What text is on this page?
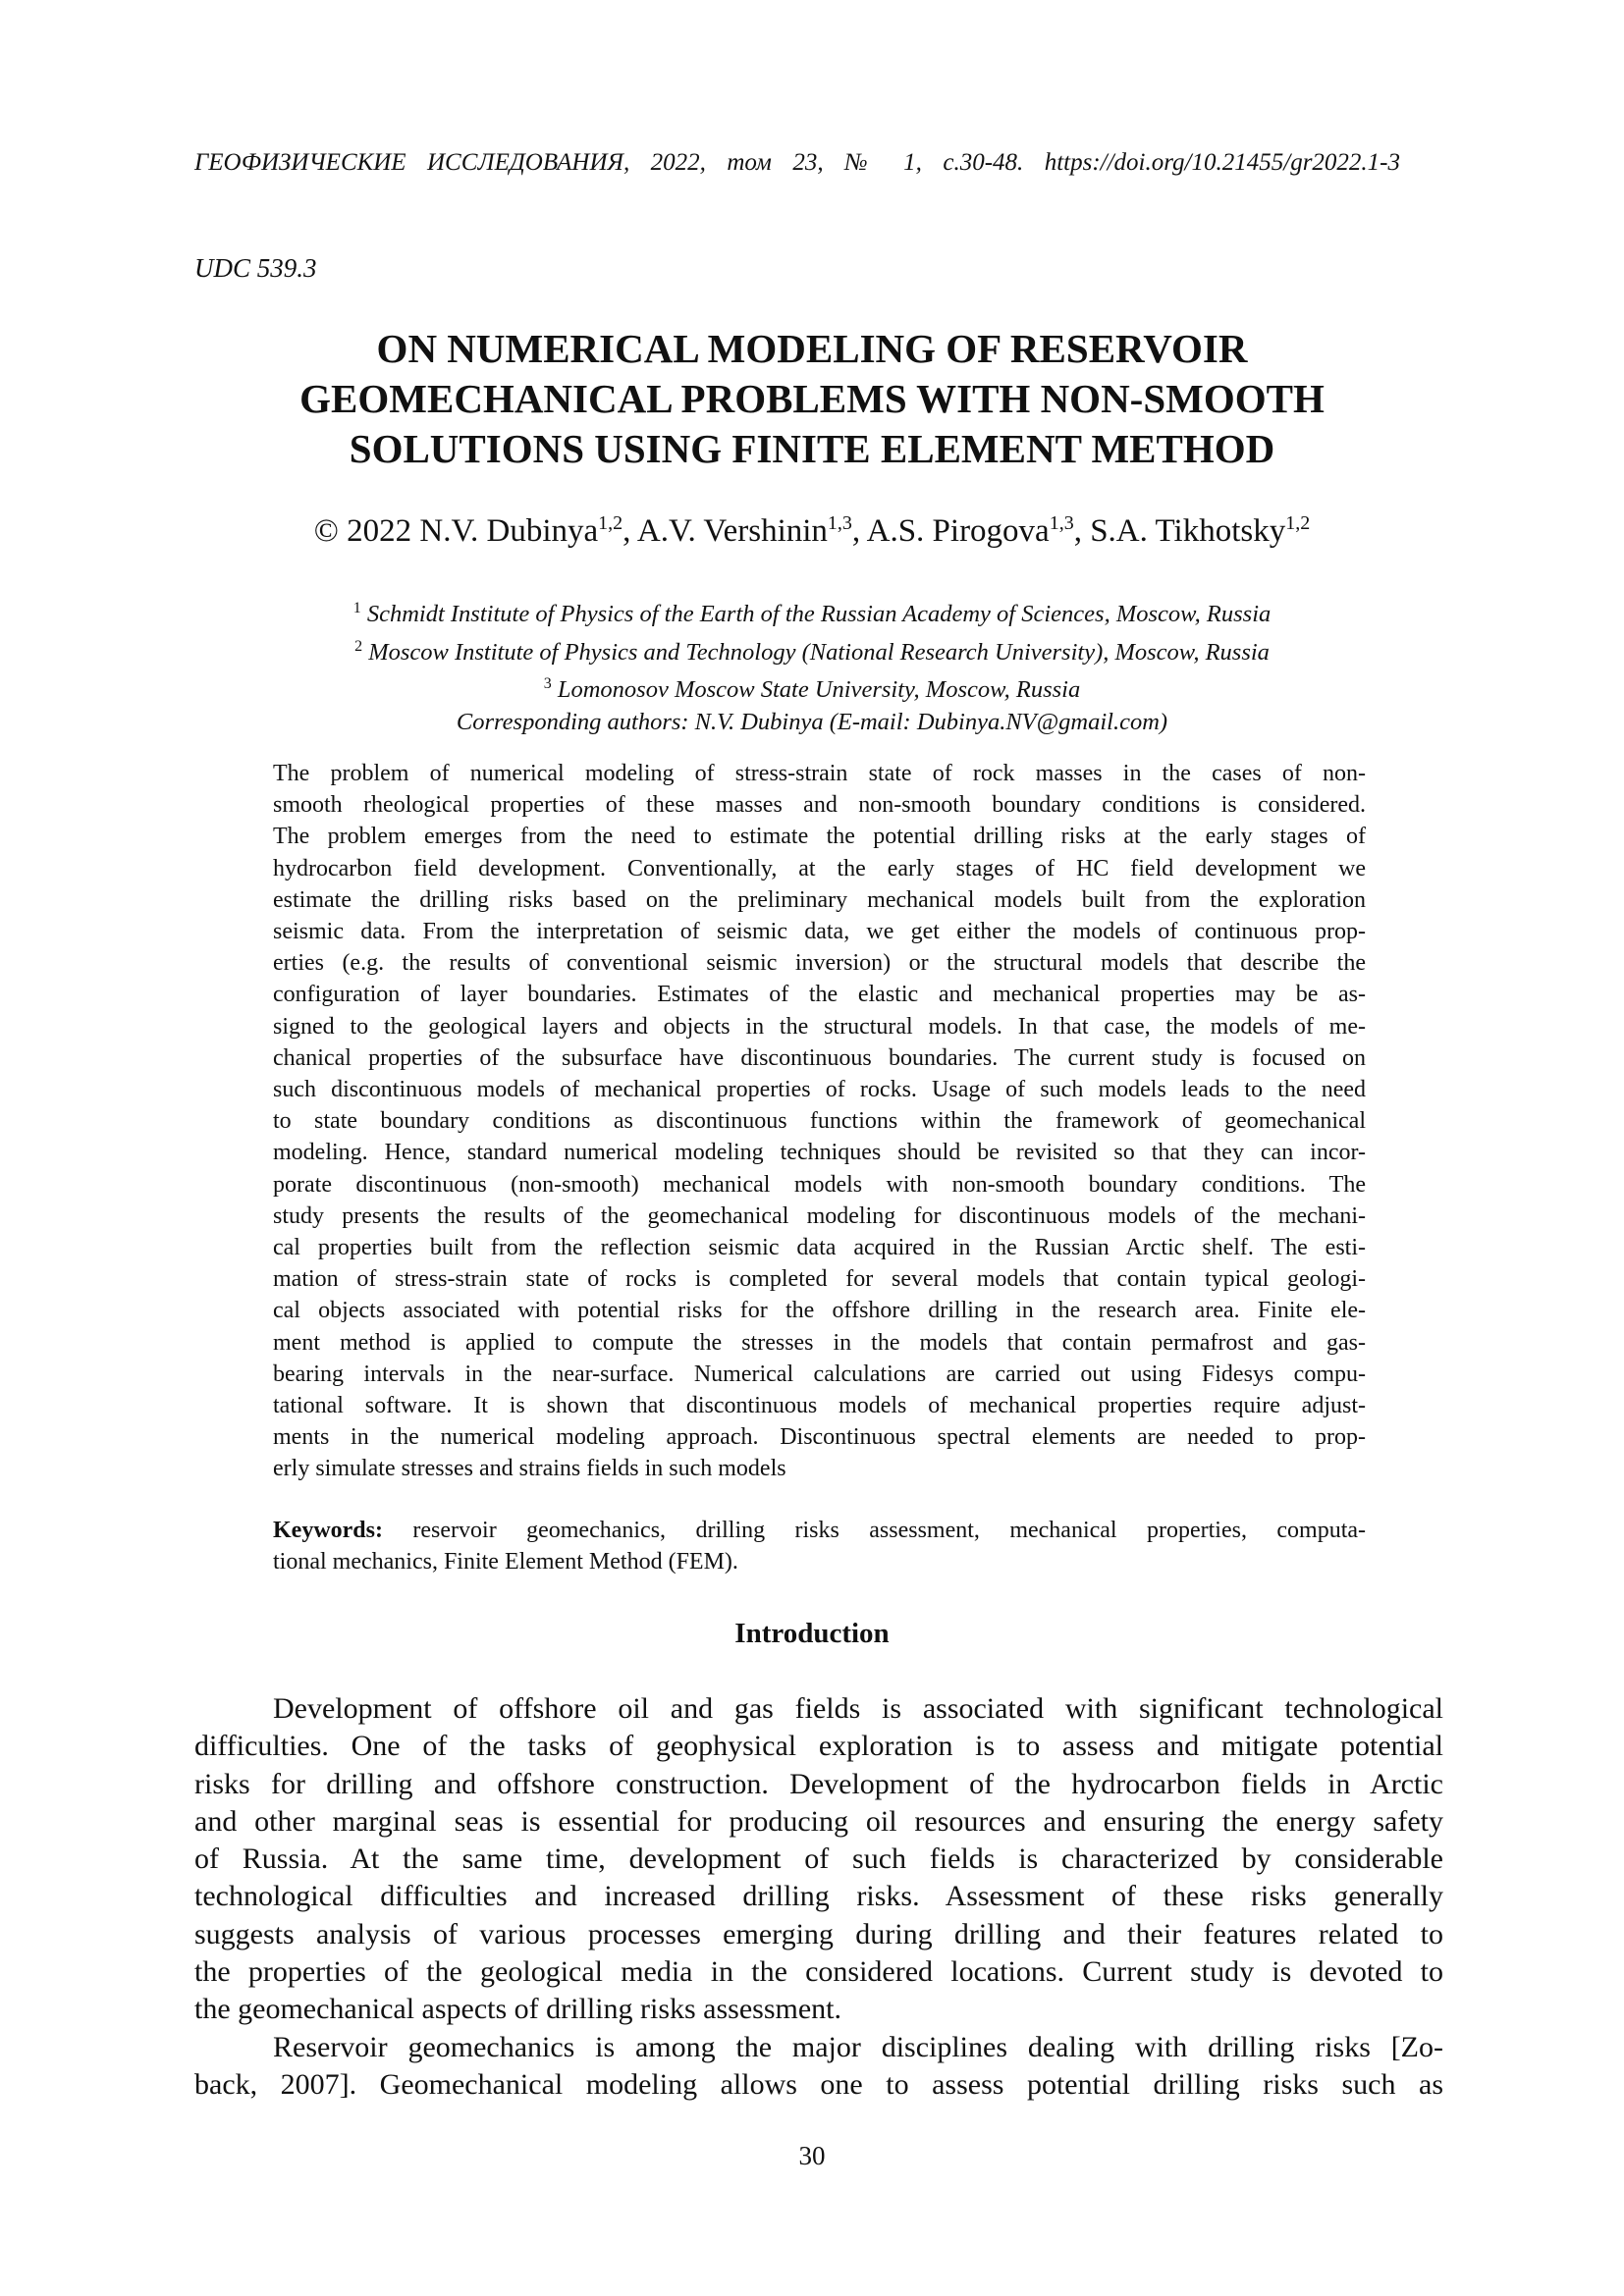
ГЕОФИЗИЧЕСКИЕ ИССЛЕДОВАНИЯ, 2022, том 23, № 1, с.30-48. https://doi.org/10.21455/gr2022.1-3
UDC 539.3
ON NUMERICAL MODELING OF RESERVOIR
GEOMECHANICAL PROBLEMS WITH NON-SMOOTH
SOLUTIONS USING FINITE ELEMENT METHOD
© 2022 N.V. Dubinya$^{1,2}$, A.V. Vershinin$^{1,3}$, A.S. Pirogova$^{1,3}$, S.A. Tikhotsky$^{1,2}$
$^1$ Schmidt Institute of Physics of the Earth of the Russian Academy of Sciences, Moscow, Russia
$^2$ Moscow Institute of Physics and Technology (National Research University), Moscow, Russia
$^3$ Lomonosov Moscow State University, Moscow, Russia
Corresponding authors: N.V. Dubinya (E-mail: Dubinya.NV@gmail.com)
The problem of numerical modeling of stress-strain state of rock masses in the cases of non-
smooth rheological properties of these masses and non-smooth boundary conditions is considered.
The problem emerges from the need to estimate the potential drilling risks at the early stages of
hydrocarbon field development. Conventionally, at the early stages of HC field development we
estimate the drilling risks based on the preliminary mechanical models built from the exploration
seismic data. From the interpretation of seismic data, we get either the models of continuous prop-
erties (e.g. the results of conventional seismic inversion) or the structural models that describe the
configuration of layer boundaries. Estimates of the elastic and mechanical properties may be as-
signed to the geological layers and objects in the structural models. In that case, the models of me-
chanical properties of the subsurface have discontinuous boundaries. The current study is focused on
such discontinuous models of mechanical properties of rocks. Usage of such models leads to the need
to state boundary conditions as discontinuous functions within the framework of geomechanical
modeling. Hence, standard numerical modeling techniques should be revisited so that they can incor-
porate discontinuous (non-smooth) mechanical models with non-smooth boundary conditions. The
study presents the results of the geomechanical modeling for discontinuous models of the mechani-
cal properties built from the reflection seismic data acquired in the Russian Arctic shelf. The esti-
mation of stress-strain state of rocks is completed for several models that contain typical geologi-
cal objects associated with potential risks for the offshore drilling in the research area. Finite ele-
ment method is applied to compute the stresses in the models that contain permafrost and gas-
bearing intervals in the near-surface. Numerical calculations are carried out using Fidesys compu-
tational software. It is shown that discontinuous models of mechanical properties require adjust-
ments in the numerical modeling approach. Discontinuous spectral elements are needed to prop-
erly simulate stresses and strains fields in such models
Keywords: reservoir geomechanics, drilling risks assessment, mechanical properties, computa-
tional mechanics, Finite Element Method (FEM).
Introduction
Development of offshore oil and gas fields is associated with significant technological
difficulties. One of the tasks of geophysical exploration is to assess and mitigate potential
risks for drilling and offshore construction. Development of the hydrocarbon fields in Arctic
and other marginal seas is essential for producing oil resources and ensuring the energy safety
of Russia. At the same time, development of such fields is characterized by considerable
technological difficulties and increased drilling risks. Assessment of these risks generally
suggests analysis of various processes emerging during drilling and their features related to
the properties of the geological media in the considered locations. Current study is devoted to
the geomechanical aspects of drilling risks assessment.
Reservoir geomechanics is among the major disciplines dealing with drilling risks [Zo-
back, 2007]. Geomechanical modeling allows one to assess potential drilling risks such as
30
